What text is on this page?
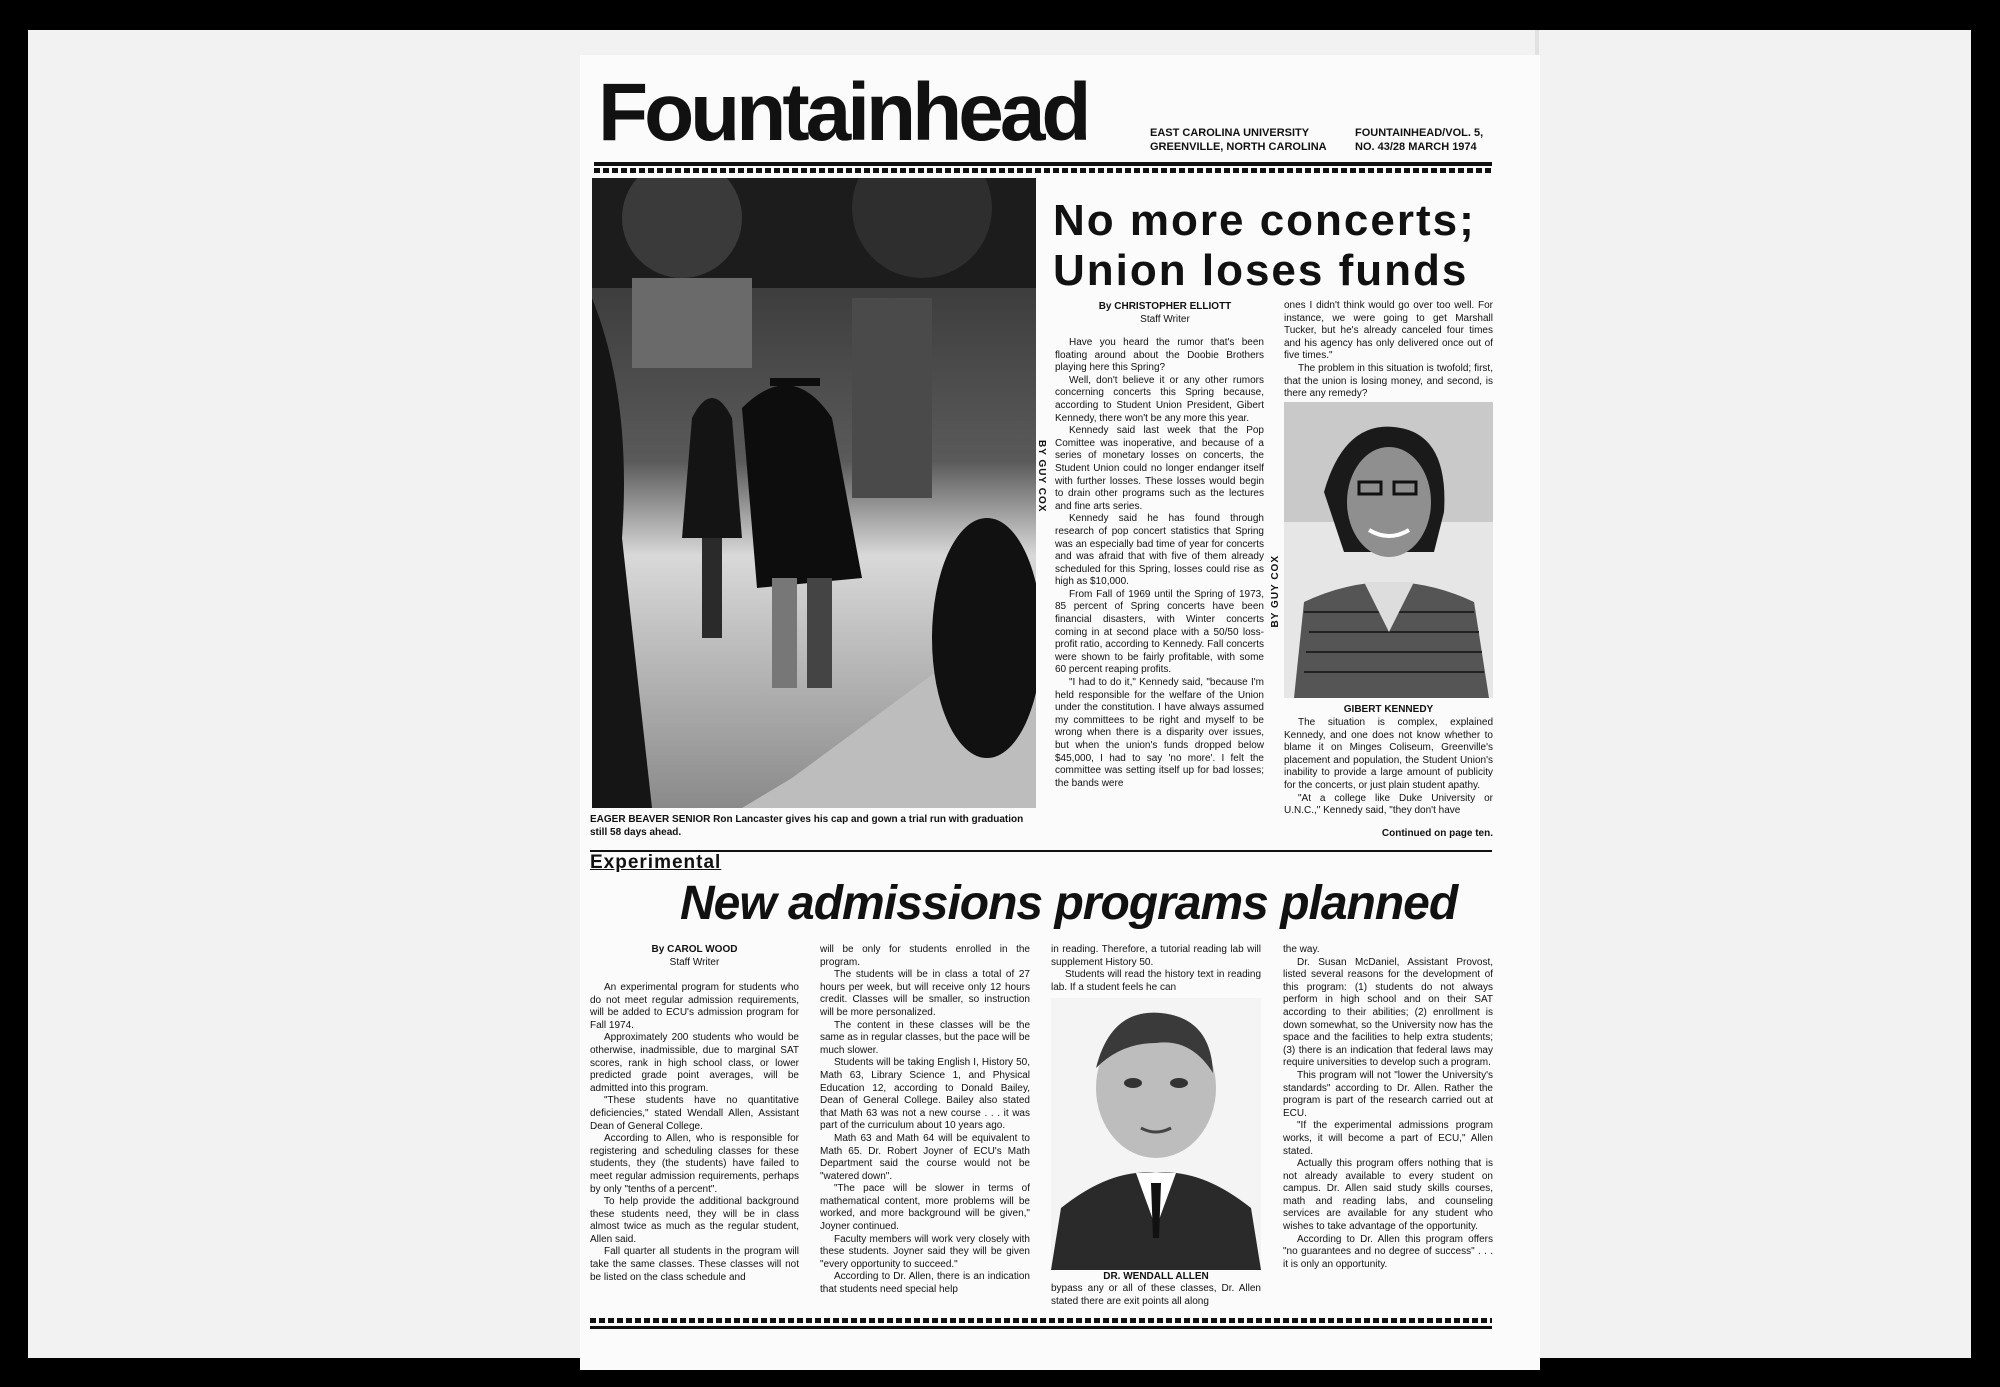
Fountainhead	EAST CAROLINA UNIVERSITY
GREENVILLE, NORTH CAROLINA
FOUNTAINHEAD/VOL. 5,
NO. 43/28 MARCH 1974
BY GUY COX
EAGER BEAVER SENIOR Ron Lancaster gives his cap and gown a trial run with graduation still 58 days ahead.
No more concerts;
Union loses funds
By CHRISTOPHER ELLIOTT
Staff Writer

Have you heard the rumor that's been floating around about the Doobie Brothers playing here this Spring?

Well, don't believe it or any other rumors concerning concerts this Spring because, according to Student Union President, Gibert Kennedy, there won't be any more this year.

Kennedy said last week that the Pop Comittee was inoperative, and because of a series of monetary losses on concerts, the Student Union could no longer endanger itself with further losses. These losses would begin to drain other programs such as the lectures and fine arts series.

Kennedy said he has found through research of pop concert statistics that Spring was an especially bad time of year for concerts and was afraid that with five of them already scheduled for this Spring, losses could rise as high as $10,000.

From Fall of 1969 until the Spring of 1973, 85 percent of Spring concerts have been financial disasters, with Winter concerts coming in at second place with a 50/50 loss-profit ratio, according to Kennedy. Fall concerts were shown to be fairly profitable, with some 60 percent reaping profits.

"I had to do it," Kennedy said, "because I'm held responsible for the welfare of the Union under the constitution. I have always assumed my committees to be right and myself to be wrong when there is a disparity over issues, but when the union's funds dropped below $45,000, I had to say 'no more'. I felt the committee was setting itself up for bad losses; the bands were

ones I didn't think would go over too well. For instance, we were going to get Marshall Tucker, but he's already canceled four times and his agency has only delivered once out of five times."

The problem in this situation is twofold; first, that the union is losing money, and second, is there any remedy?

BY GUY COX
GIBERT KENNEDY

The situation is complex, explained Kennedy, and one does not know whether to blame it on Minges Coliseum, Greenville's placement and population, the Student Union's inability to provide a large amount of publicity for the concerts, or just plain student apathy.

"At a college like Duke University or U.N.C.," Kennedy said, "they don't have

Continued on page ten.
Experimental
New admissions programs planned
By CAROL WOOD
Staff Writer

An experimental program for students who do not meet regular admission requirements, will be added to ECU's admission program for Fall 1974.

Approximately 200 students who would be otherwise, inadmissible, due to marginal SAT scores, rank in high school class, or lower predicted grade point averages, will be admitted into this program.

"These students have no quantitative deficiencies," stated Wendall Allen, Assistant Dean of General College.

According to Allen, who is responsible for registering and scheduling classes for these students, they (the students) have failed to meet regular admission requirements, perhaps by only "tenths of a percent".

To help provide the additional background these students need, they will be in class almost twice as much as the regular student, Allen said.

Fall quarter all students in the program will take the same classes. These classes will not be listed on the class schedule and

will be only for students enrolled in the program.

The students will be in class a total of 27 hours per week, but will receive only 12 hours credit. Classes will be smaller, so instruction will be more personalized.

The content in these classes will be the same as in regular classes, but the pace will be much slower.

Students will be taking English I, History 50, Math 63, Library Science 1, and Physical Education 12, according to Donald Bailey, Dean of General College. Bailey also stated that Math 63 was not a new course . . . it was part of the curriculum about 10 years ago.

Math 63 and Math 64 will be equivalent to Math 65. Dr. Robert Joyner of ECU's Math Department said the course would not be "watered down".

"The pace will be slower in terms of mathematical content, more problems will be worked, and more background will be given," Joyner continued.

Faculty members will work very closely with these students. Joyner said they will be given "every opportunity to succeed."

According to Dr. Allen, there is an indication that students need special help

in reading. Therefore, a tutorial reading lab will supplement History 50.

Students will read the history text in reading lab. If a student feels he can

DR. WENDALL ALLEN

bypass any or all of these classes, Dr. Allen stated there are exit points all along

the way.

Dr. Susan McDaniel, Assistant Provost, listed several reasons for the development of this program: (1) students do not always perform in high school and on their SAT according to their abilities; (2) enrollment is down somewhat, so the University now has the space and the facilities to help extra students; (3) there is an indication that federal laws may require universities to develop such a program.

This program will not "lower the University's standards" according to Dr. Allen. Rather the program is part of the research carried out at ECU.

"If the experimental admissions program works, it will become a part of ECU," Allen stated.

Actually this program offers nothing that is not already available to every student on campus. Dr. Allen said study skills courses, math and reading labs, and counseling services are available for any student who wishes to take advantage of the opportunity.

According to Dr. Allen this program offers "no guarantees and no degree of success" . . . it is only an opportunity.
